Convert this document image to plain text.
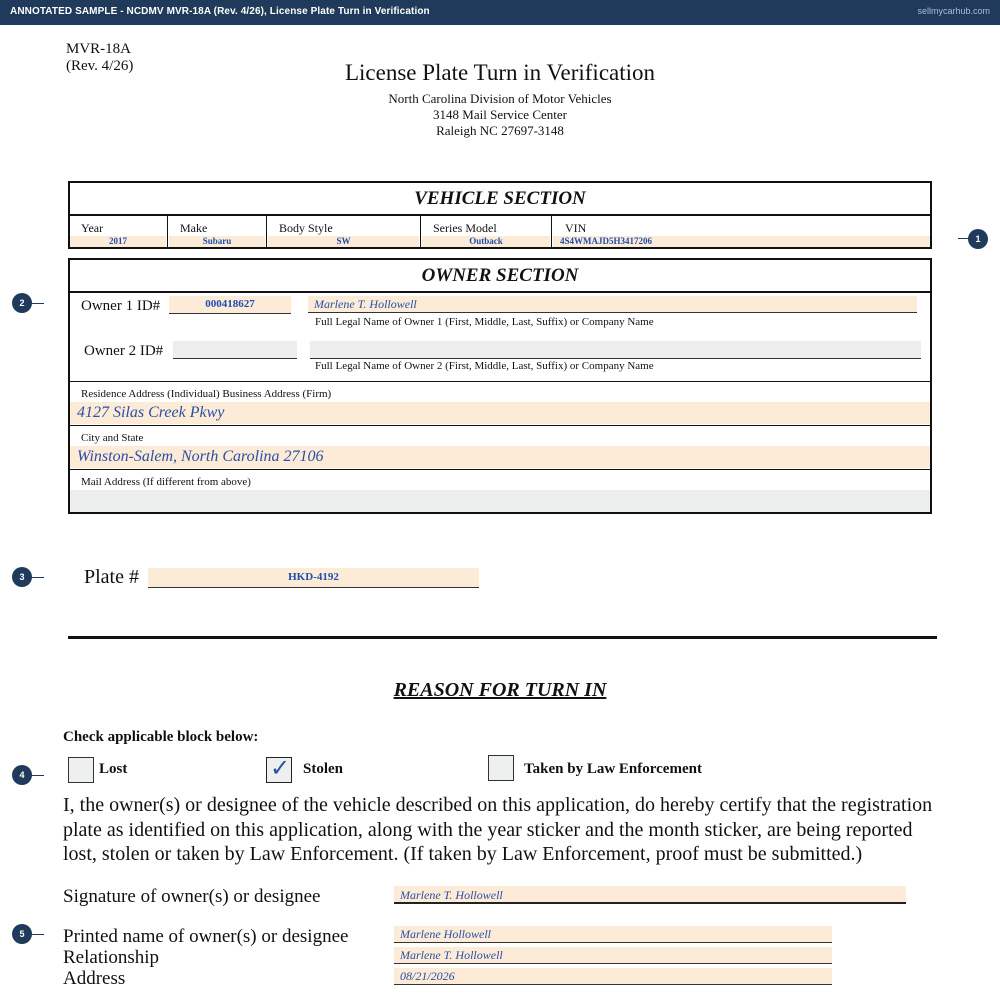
ANNOTATED SAMPLE - NCDMV MVR-18A (Rev. 4/26), License Plate Turn in Verification	sellmycarhub.com
1
2
3
4
5
MVR-18A
(Rev. 4/26)	License Plate Turn in Verification
North Carolina Division of Motor Vehicles
3148 Mail Service Center
Raleigh NC 27697-3148
VEHICLE SECTION
Year	Make	Body Style	Series Model	VIN
2017	Subaru	SW	Outback	4S4WMAJD5H3417206
OWNER SECTION
Owner 1 ID#	000418627	Marlene T. Hollowell
Full Legal Name of Owner 1 (First, Middle, Last, Suffix) or Company Name
Owner 2 ID#
Full Legal Name of Owner 2 (First, Middle, Last, Suffix) or Company Name
Residence Address (Individual) Business Address (Firm)
4127 Silas Creek Pkwy
City and State
Winston-Salem, North Carolina 27106
Mail Address (If different from above)
Plate #	HKD-4192
REASON FOR TURN IN
Check applicable block below:
Lost	✓ Stolen	Taken by Law Enforcement
I, the owner(s) or designee of the vehicle described on this application, do hereby certify that the registration plate as identified on this application, along with the year sticker and the month sticker, are being reported lost, stolen or taken by Law Enforcement. (If taken by Law Enforcement, proof must be submitted.)
Signature of owner(s) or designee	Marlene T. Hollowell
Printed name of owner(s) or designee	Marlene Hollowell
Relationship	Marlene T. Hollowell
Address	08/21/2026
